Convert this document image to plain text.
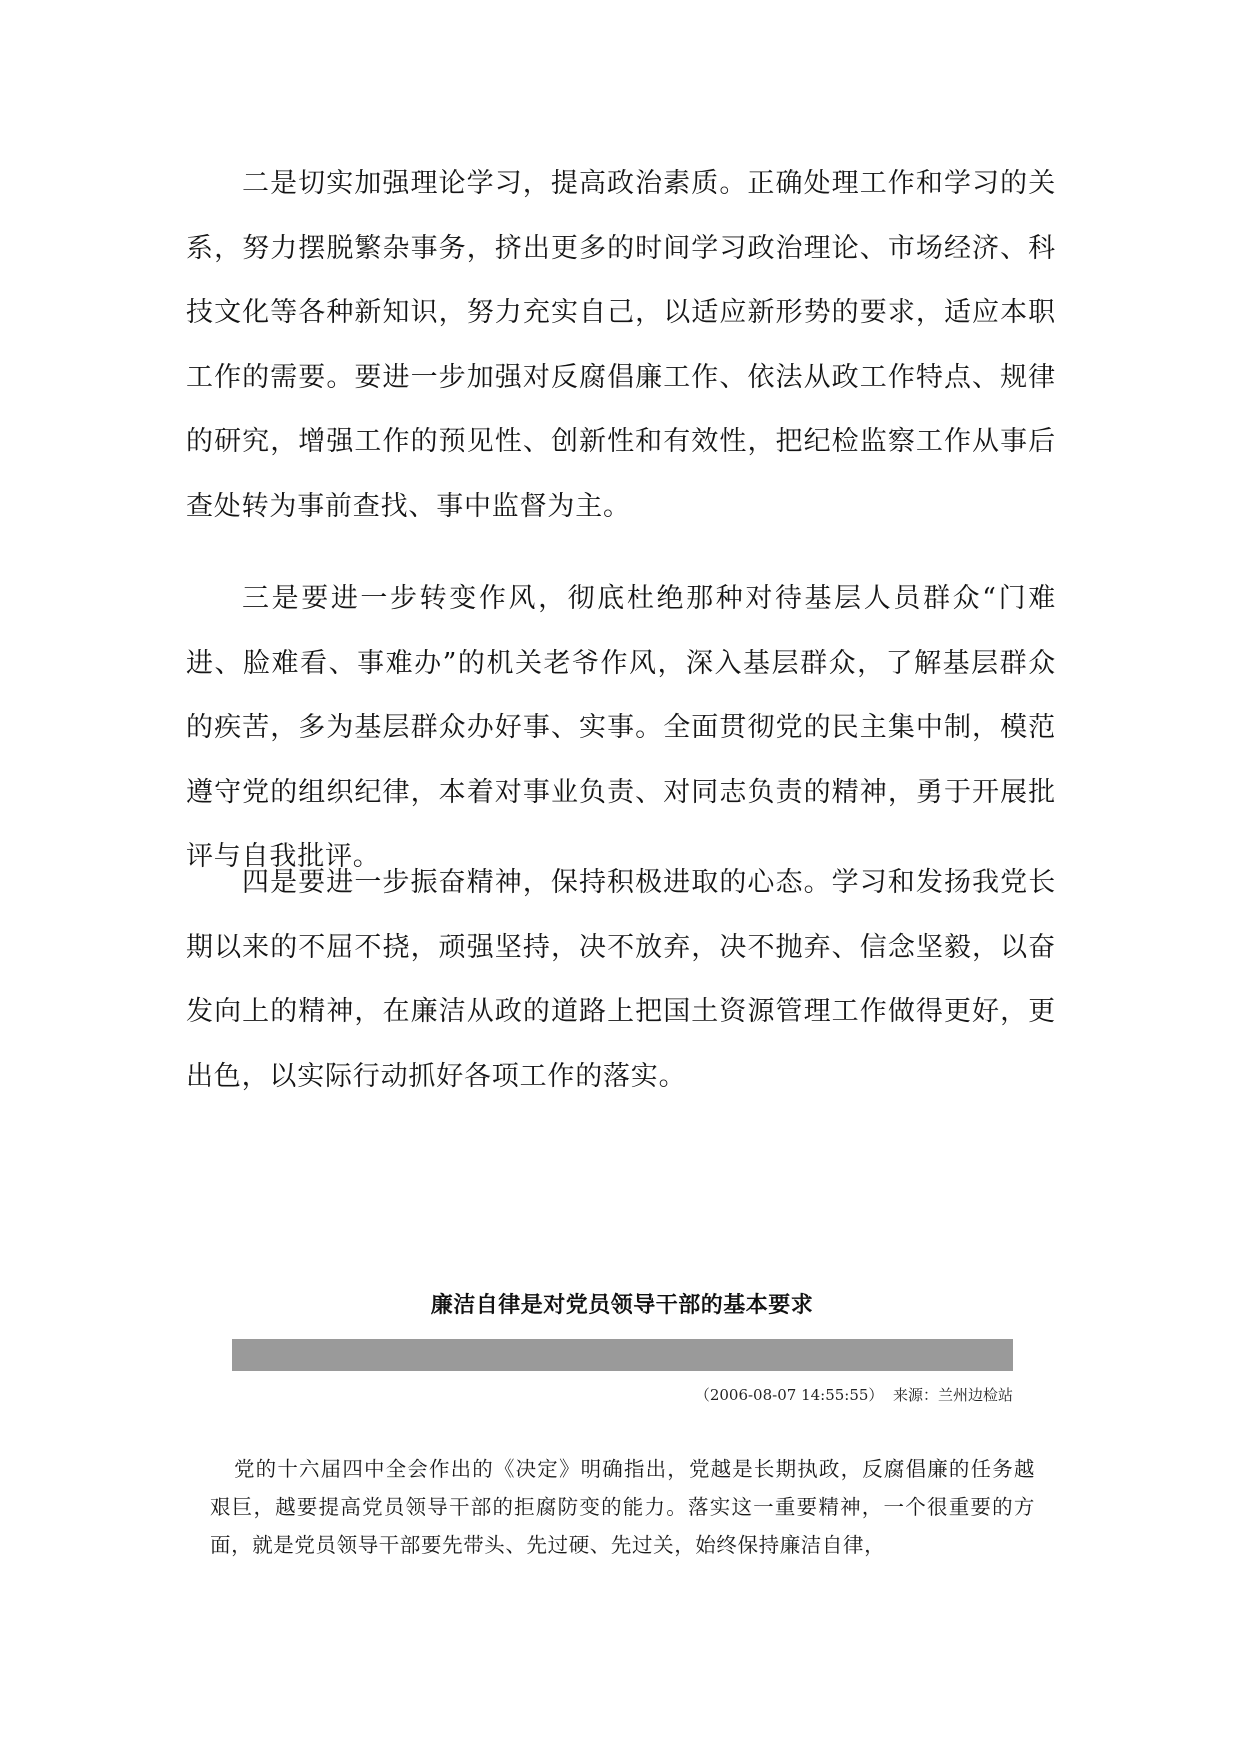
二是切实加强理论学习，提高政治素质。正确处理工作和学习的关系，努力摆脱繁杂事务，挤出更多的时间学习政治理论、市场经济、科技文化等各种新知识，努力充实自己，以适应新形势的要求，适应本职工作的需要。要进一步加强对反腐倡廉工作、依法从政工作特点、规律的研究，增强工作的预见性、创新性和有效性，把纪检监察工作从事后查处转为事前查找、事中监督为主。

三是要进一步转变作风，彻底杜绝那种对待基层人员群众“门难进、脸难看、事难办”的机关老爷作风，深入基层群众，了解基层群众的疾苦，多为基层群众办好事、实事。全面贯彻党的民主集中制，模范遵守党的组织纪律，本着对事业负责、对同志负责的精神，勇于开展批评与自我批评。

四是要进一步振奋精神，保持积极进取的心态。学习和发扬我党长期以来的不屈不挠，顽强坚持，决不放弃，决不抛弃、信念坚毅，以奋发向上的精神，在廉洁从政的道路上把国土资源管理工作做得更好，更出色，以实际行动抓好各项工作的落实。

廉洁自律是对党员领导干部的基本要求
（2006-08-07 14:55:55） 来源：兰州边检站

党的十六届四中全会作出的《决定》明确指出，党越是长期执政，反腐倡廉的任务越艰巨，越要提高党员领导干部的拒腐防变的能力。落实这一重要精神，一个很重要的方面，就是党员领导干部要先带头、先过硬、先过关，始终保持廉洁自律，
